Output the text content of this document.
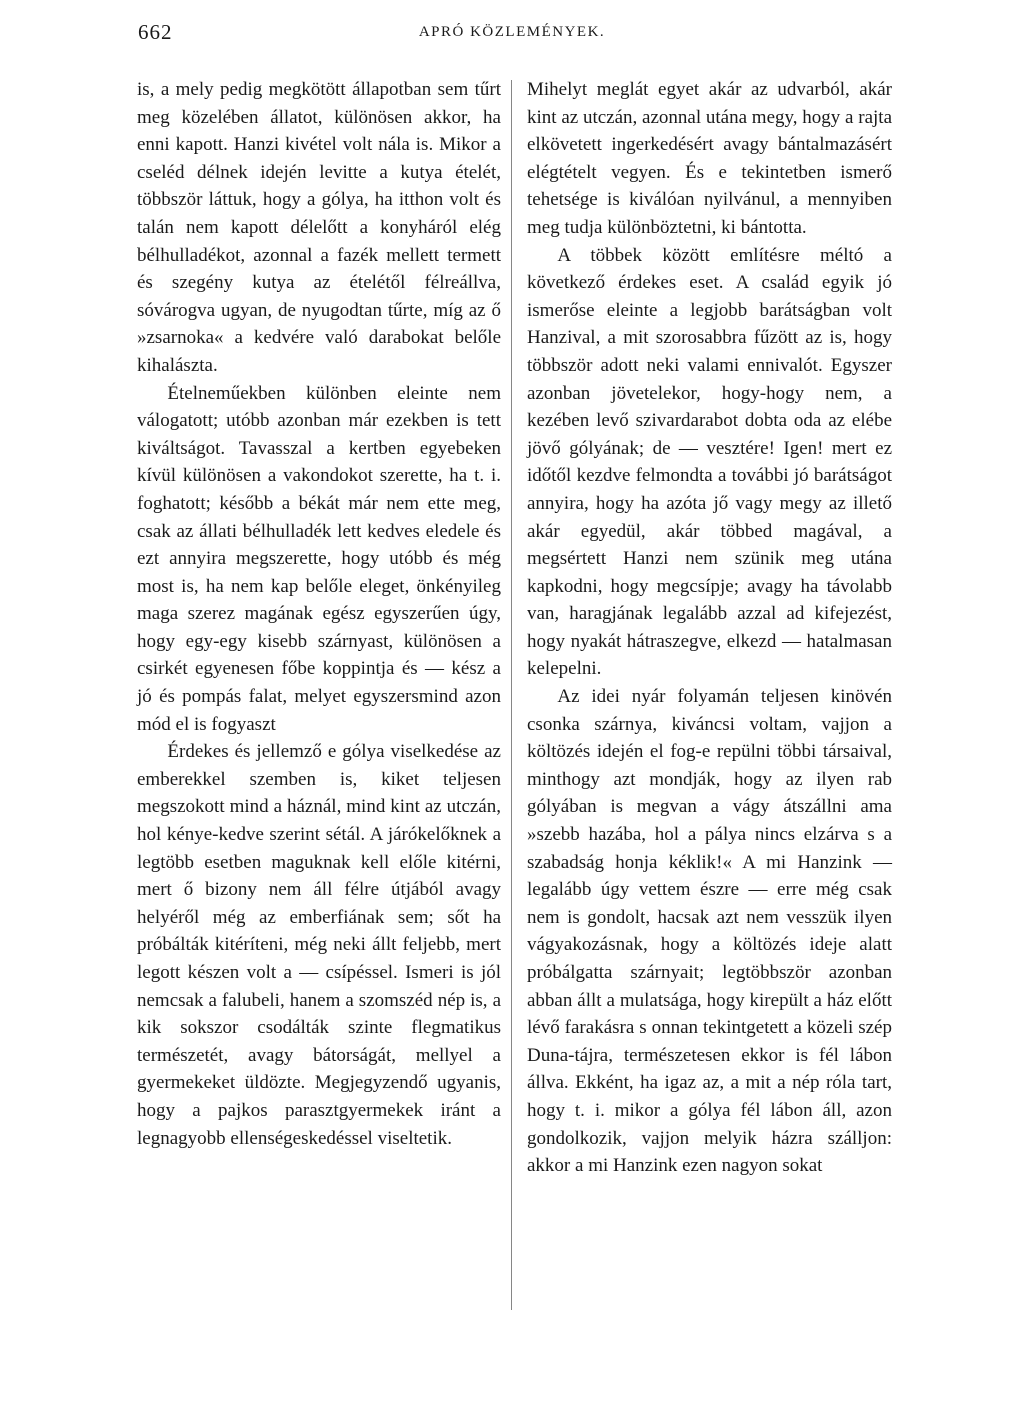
662	APRÓ KÖZLEMÉNYEK.

is, a mely pedig megkötött állapotban sem tűrt meg közelében állatot, különösen akkor, ha enni kapott. Hanzi kivétel volt nála is. Mikor a cseléd délnek idején levitte a kutya ételét, többször láttuk, hogy a gólya, ha itthon volt és talán nem kapott délelőtt a konyháról elég bélhulladékot, azonnal a fazék mellett termett és szegény kutya az ételétől félreállva, sóvárogva ugyan, de nyugodtan tűrte, míg az ő »zsarnoka« a kedvére való darabokat belőle kihalászta.

Ételneműekben különben eleinte nem válogatott; utóbb azonban már ezekben is tett kiváltságot. Tavasszal a kertben egyebeken kívül különösen a vakondokot szerette, ha t. i. foghatott; később a békát már nem ette meg, csak az állati bélhulladék lett kedves eledele és ezt annyira megszerette, hogy utóbb és még most is, ha nem kap belőle eleget, önkényileg maga szerez magának egész egyszerűen úgy, hogy egy-egy kisebb szárnyast, különösen a csirkét egyenesen főbe koppintja és — kész a jó és pompás falat, melyet egyszersmind azon mód el is fogyaszt

Érdekes és jellemző e gólya viselkedése az emberekkel szemben is, kiket teljesen megszokott mind a háznál, mind kint az utczán, hol kénye-kedve szerint sétál. A járókelőknek a legtöbb esetben maguknak kell előle kitérni, mert ő bizony nem áll félre útjából avagy helyéről még az emberfiának sem; sőt ha próbálták kitéríteni, még neki állt feljebb, mert legott készen volt a — csípéssel. Ismeri is jól nemcsak a falubeli, hanem a szomszéd nép is, a kik sokszor csodálták szinte flegmatikus természetét, avagy bátorságát, mellyel a gyermekeket üldözte. Megjegyzendő ugyanis, hogy a pajkos parasztgyermekek iránt a legnagyobb ellenségeskedéssel viseltetik.

Mihelyt meglát egyet akár az udvarból, akár kint az utczán, azonnal utána megy, hogy a rajta elkövetett ingerkedésért avagy bántalmazásért elégtételt vegyen. És e tekintetben ismerő tehetsége is kiválóan nyilvánul, a mennyiben meg tudja különböztetni, ki bántotta.

A többek között említésre méltó a következő érdekes eset. A család egyik jó ismerőse eleinte a legjobb barátságban volt Hanzival, a mit szorosabbra fűzött az is, hogy többször adott neki valami ennivalót. Egyszer azonban jövetelekor, hogy-hogy nem, a kezében levő szivardarabot dobta oda az elébe jövő gólyának; de — vesztére! Igen! mert ez időtől kezdve felmondta a további jó barátságot annyira, hogy ha azóta jő vagy megy az illető akár egyedül, akár többed magával, a megsértett Hanzi nem szünik meg utána kapkodni, hogy megcsípje; avagy ha távolabb van, haragjának legalább azzal ad kifejezést, hogy nyakát hátraszegve, elkezd — hatalmasan kelepelni.

Az idei nyár folyamán teljesen kinövén csonka szárnya, kiváncsi voltam, vajjon a költözés idején el fog-e repülni többi társaival, minthogy azt mondják, hogy az ilyen rab gólyában is megvan a vágy átszállni ama »szebb hazába, hol a pálya nincs elzárva s a szabadság honja kéklik!« A mi Hanzink — legalább úgy vettem észre — erre még csak nem is gondolt, hacsak azt nem vesszük ilyen vágyakozásnak, hogy a költözés ideje alatt próbálgatta szárnyait; legtöbbször azonban abban állt a mulatsága, hogy kirepült a ház előtt lévő farakásra s onnan tekintgetett a közeli szép Duna-tájra, természetesen ekkor is fél lábon állva. Ekként, ha igaz az, a mit a nép róla tart, hogy t. i. mikor a gólya fél lábon áll, azon gondolkozik, vajjon melyik házra szálljon: akkor a mi Hanzink ezen nagyon sokat
